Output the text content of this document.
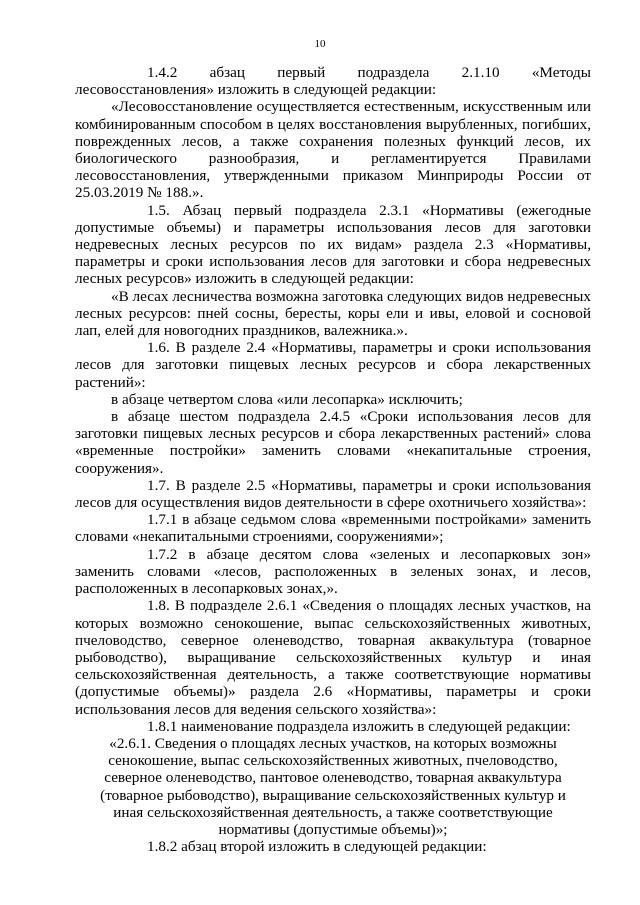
10

1.4.2 абзац первый подраздела 2.1.10 «Методы лесовосстановления» изложить в следующей редакции:

«Лесовосстановление осуществляется естественным, искусственным или комбинированным способом в целях восстановления вырубленных, погибших, поврежденных лесов, а также сохранения полезных функций лесов, их биологического разнообразия, и регламентируется Правилами лесовосстановления, утвержденными приказом Минприроды России от 25.03.2019 № 188.».

1.5. Абзац первый подраздела 2.3.1 «Нормативы (ежегодные допустимые объемы) и параметры использования лесов для заготовки недревесных лесных ресурсов по их видам» раздела 2.3 «Нормативы, параметры и сроки использования лесов для заготовки и сбора недревесных лесных ресурсов» изложить в следующей редакции:

«В лесах лесничества возможна заготовка следующих видов недревесных лесных ресурсов: пней сосны, бересты, коры ели и ивы, еловой и сосновой лап, елей для новогодних праздников, валежника.».

1.6. В разделе 2.4 «Нормативы, параметры и сроки использования лесов для заготовки пищевых лесных ресурсов и сбора лекарственных растений»:

в абзаце четвертом слова «или лесопарка» исключить;

в абзаце шестом подраздела 2.4.5 «Сроки использования лесов для заготовки пищевых лесных ресурсов и сбора лекарственных растений» слова «временные постройки» заменить словами «некапитальные строения, сооружения».

1.7. В разделе 2.5 «Нормативы, параметры и сроки использования лесов для осуществления видов деятельности в сфере охотничьего хозяйства»:

1.7.1 в абзаце седьмом слова «временными постройками» заменить словами «некапитальными строениями, сооружениями»;

1.7.2 в абзаце десятом слова «зеленых и лесопарковых зон» заменить словами «лесов, расположенных в зеленых зонах, и лесов, расположенных в лесопарковых зонах,».

1.8. В подразделе 2.6.1 «Сведения о площадях лесных участков, на которых возможно сенокошение, выпас сельскохозяйственных животных, пчеловодство, северное оленеводство, товарная аквакультура (товарное рыбоводство), выращивание сельскохозяйственных культур и иная сельскохозяйственная деятельность, а также соответствующие нормативы (допустимые объемы)» раздела 2.6 «Нормативы, параметры и сроки использования лесов для ведения сельского хозяйства»:

1.8.1 наименование подраздела изложить в следующей редакции:

«2.6.1. Сведения о площадях лесных участков, на которых возможны сенокошение, выпас сельскохозяйственных животных, пчеловодство, северное оленеводство, пантовое оленеводство, товарная аквакультура (товарное рыбоводство), выращивание сельскохозяйственных культур и иная сельскохозяйственная деятельность, а также соответствующие нормативы (допустимые объемы)»;

1.8.2 абзац второй изложить в следующей редакции:
